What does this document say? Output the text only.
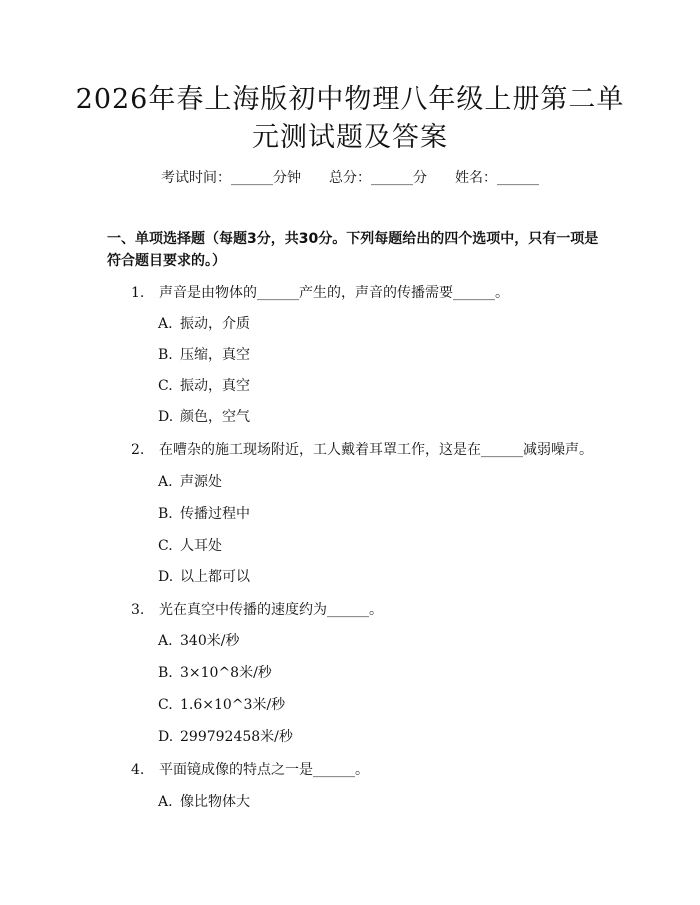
2026年春上海版初中物理八年级上册第二单
元测试题及答案
考试时间：______分钟 总分：______分 姓名：______

一、单项选择题（每题3分，共30分。下列每题给出的四个选项中，只有一项是符合题目要求的。）

1. 声音是由物体的______产生的，声音的传播需要______。
A. 振动，介质
B. 压缩，真空
C. 振动，真空
D. 颜色，空气
2. 在嘈杂的施工现场附近，工人戴着耳罩工作，这是在______减弱噪声。
A. 声源处
B. 传播过程中
C. 人耳处
D. 以上都可以
3. 光在真空中传播的速度约为______。
A. 340米/秒
B. 3×10^8米/秒
C. 1.6×10^3米/秒
D. 299792458米/秒
4. 平面镜成像的特点之一是______。
A. 像比物体大
